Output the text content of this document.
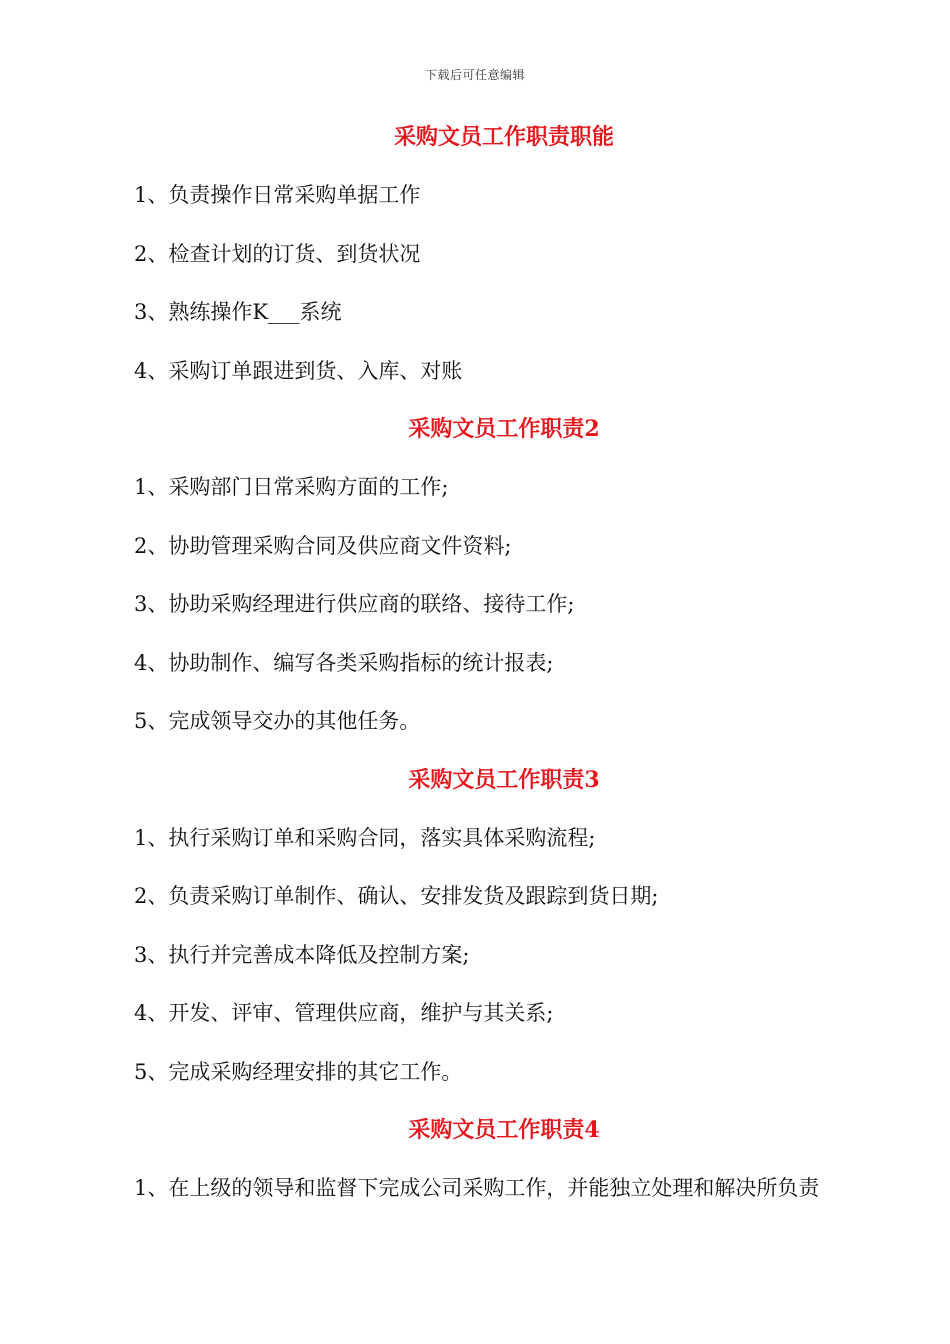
下载后可任意编辑
采购文员工作职责职能

1、负责操作日常采购单据工作

2、检查计划的订货、到货状况

3、熟练操作K___系统

4、采购订单跟进到货、入库、对账

采购文员工作职责2

1、采购部门日常采购方面的工作;

2、协助管理采购合同及供应商文件资料;

3、协助采购经理进行供应商的联络、接待工作;

4、协助制作、编写各类采购指标的统计报表;

5、完成领导交办的其他任务。

采购文员工作职责3

1、执行采购订单和采购合同，落实具体采购流程;

2、负责采购订单制作、确认、安排发货及跟踪到货日期;

3、执行并完善成本降低及控制方案;

4、开发、评审、管理供应商，维护与其关系;

5、完成采购经理安排的其它工作。

采购文员工作职责4

1、在上级的领导和监督下完成公司采购工作，并能独立处理和解决所负责
